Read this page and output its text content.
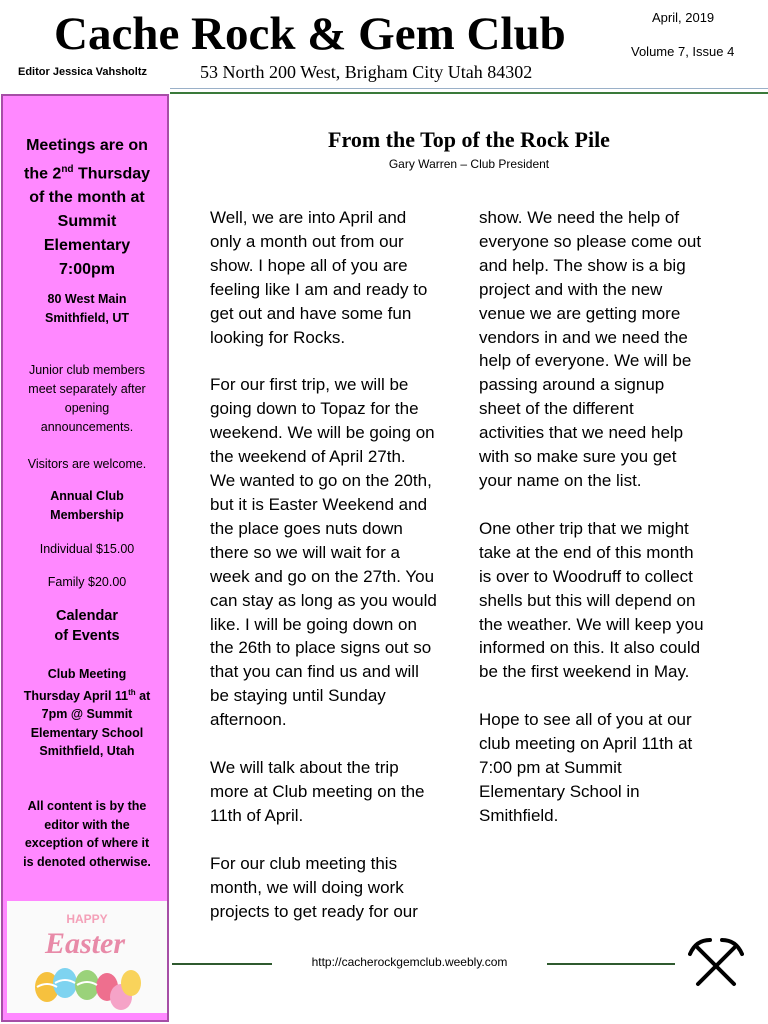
Cache Rock & Gem Club	April, 2019
Volume 7, Issue 4
Editor Jessica Vahsholtz	53 North 200 West, Brigham City Utah 84302
Meetings are on
the 2nd Thursday
of the month at
Summit
Elementary
7:00pm
80 West Main
Smithfield, UT
Junior club members
meet separately after
opening
announcements.
Visitors are welcome.
Annual Club
Membership
Individual $15.00
Family $20.00
Calendar
of Events
Club Meeting
Thursday April 11th at
7pm @ Summit
Elementary School
Smithfield, Utah
All content is by the
editor with the
exception of where it
is denoted otherwise.
HAPPY
Easter
From the Top of the Rock Pile
Gary Warren – Club President

Well, we are into April and
only a month out from our
show. I hope all of you are
feeling like I am and ready to
get out and have some fun
looking for Rocks.

For our first trip, we will be
going down to Topaz for the
weekend. We will be going on
the weekend of April 27th.
We wanted to go on the 20th,
but it is Easter Weekend and
the place goes nuts down
there so we will wait for a
week and go on the 27th. You
can stay as long as you would
like. I will be going down on
the 26th to place signs out so
that you can find us and will
be staying until Sunday
afternoon.

We will talk about the trip
more at Club meeting on the
11th of April.

For our club meeting this
month, we will doing work
projects to get ready for our

show. We need the help of
everyone so please come out
and help. The show is a big
project and with the new
venue we are getting more
vendors in and we need the
help of everyone. We will be
passing around a signup
sheet of the different
activities that we need help
with so make sure you get
your name on the list.

One other trip that we might
take at the end of this month
is over to Woodruff to collect
shells but this will depend on
the weather. We will keep you
informed on this. It also could
be the first weekend in May.

Hope to see all of you at our
club meeting on April 11th at
7:00 pm at Summit
Elementary School in
Smithfield.

http://cacherockgemclub.weebly.com
